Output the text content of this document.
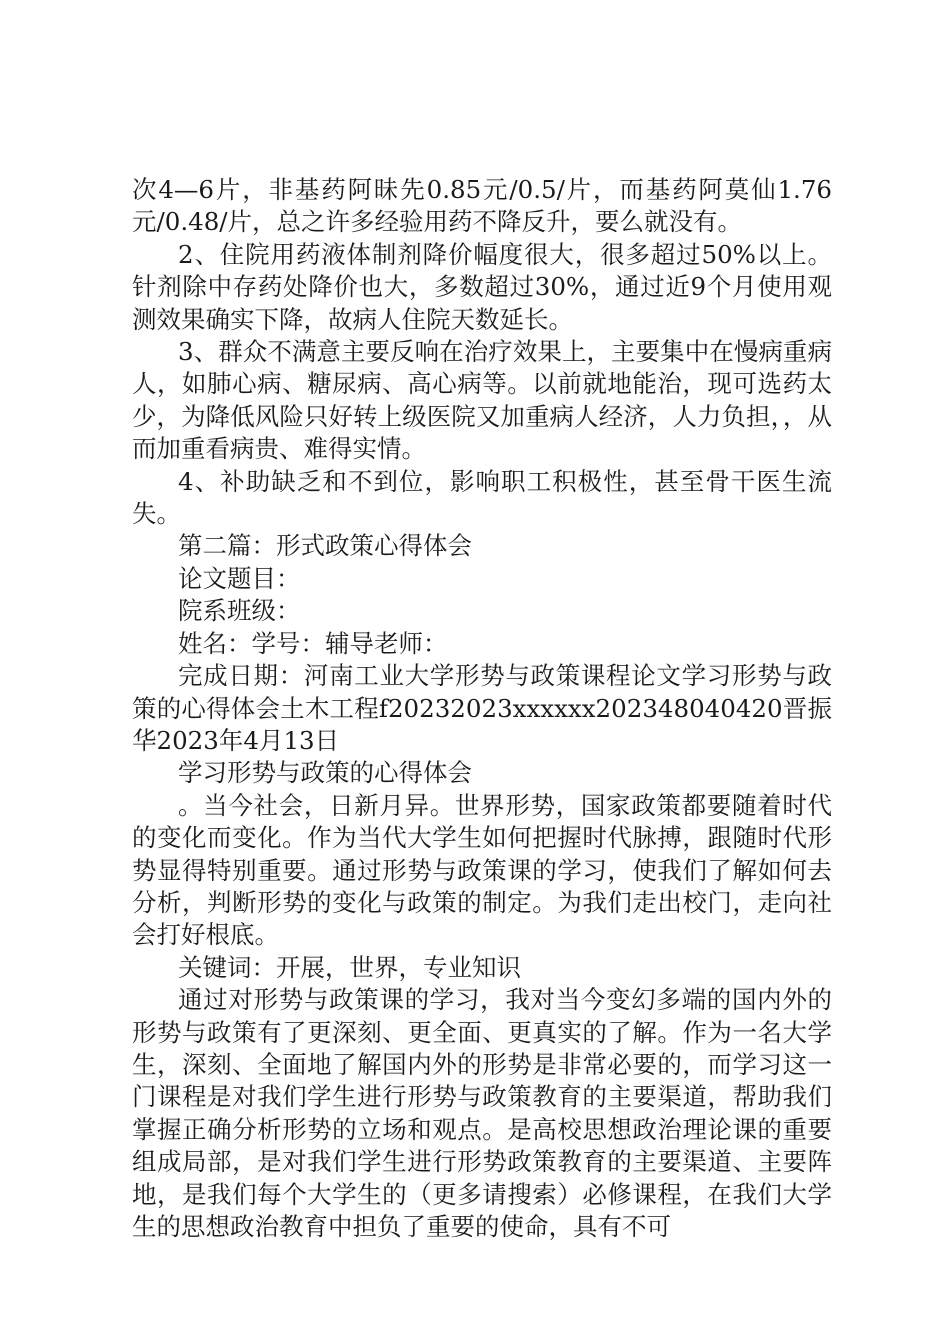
次4—6片，非基药阿昧先0.85元/0.5/片，而基药阿莫仙1.76元/0.48/片，总之许多经验用药不降反升，要么就没有。

2、住院用药液体制剂降价幅度很大，很多超过50%以上。针剂除中存药处降价也大，多数超过30%，通过近9个月使用观测效果确实下降，故病人住院天数延长。

3、群众不满意主要反响在治疗效果上，主要集中在慢病重病人，如肺心病、糖尿病、高心病等。以前就地能治，现可选药太少，为降低风险只好转上级医院又加重病人经济，人力负担，，从而加重看病贵、难得实情。

4、补助缺乏和不到位，影响职工积极性，甚至骨干医生流失。

第二篇：形式政策心得体会

论文题目：

院系班级：

姓名：学号：辅导老师：

完成日期：河南工业大学形势与政策课程论文学习形势与政策的心得体会土木工程f20232023xxxxxx202348040420晋振华2023年4月13日

学习形势与政策的心得体会

。当今社会，日新月异。世界形势，国家政策都要随着时代的变化而变化。作为当代大学生如何把握时代脉搏，跟随时代形势显得特别重要。通过形势与政策课的学习，使我们了解如何去分析，判断形势的变化与政策的制定。为我们走出校门，走向社会打好根底。

关键词：开展，世界，专业知识

通过对形势与政策课的学习，我对当今变幻多端的国内外的形势与政策有了更深刻、更全面、更真实的了解。作为一名大学生，深刻、全面地了解国内外的形势是非常必要的，而学习这一门课程是对我们学生进行形势与政策教育的主要渠道，帮助我们掌握正确分析形势的立场和观点。是高校思想政治理论课的重要组成局部，是对我们学生进行形势政策教育的主要渠道、主要阵地，是我们每个大学生的（更多请搜索）必修课程，在我们大学生的思想政治教育中担负了重要的使命，具有不可
